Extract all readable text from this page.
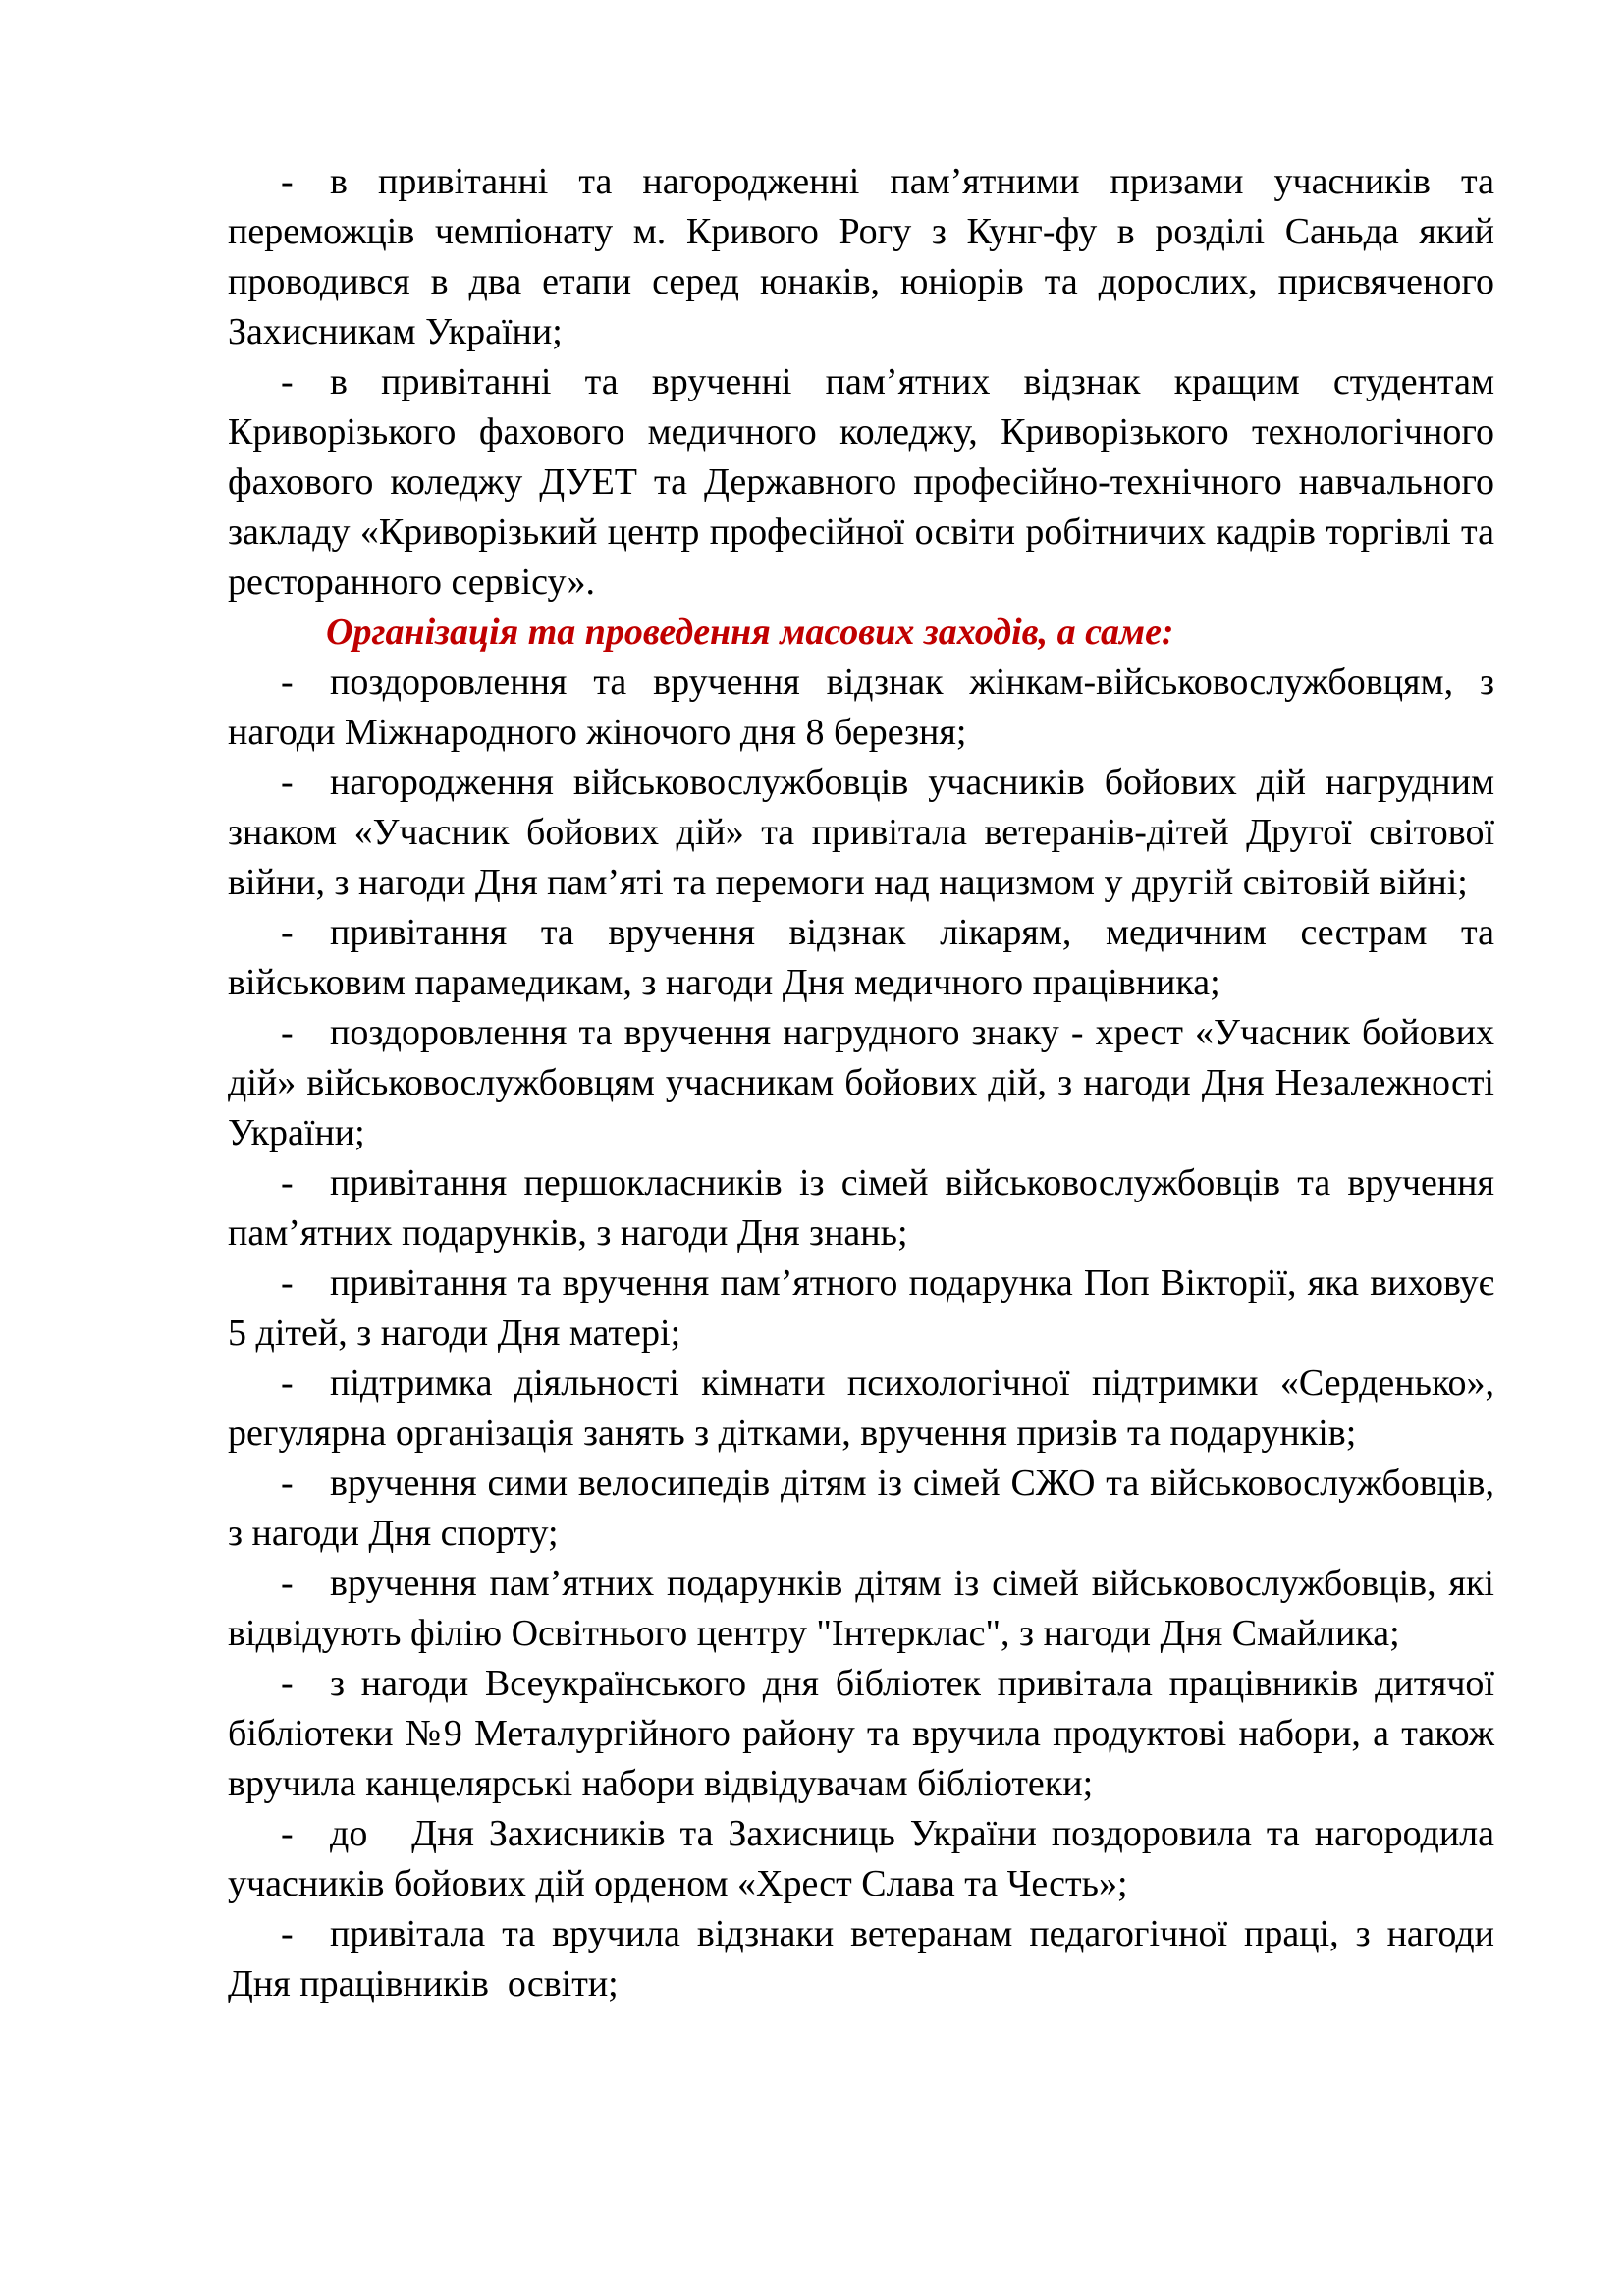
- в привітанні та нагородженні пам’ятними призами учасників та переможців чемпіонату м. Кривого Рогу з Кунг-фу в розділі Саньда який проводився в два етапи серед юнаків, юніорів та дорослих, присвяченого Захисникам України;

- в привітанні та врученні пам’ятних відзнак кращим студентам Криворізького фахового медичного коледжу, Криворізького технологічного фахового коледжу ДУЕТ та Державного професійно-технічного навчального закладу «Криворізький центр професійної освіти робітничих кадрів торгівлі та ресторанного сервісу».

Організація та проведення масових заходів, а саме:

- поздоровлення та вручення відзнак жінкам-військовослужбовцям, з нагоди Міжнародного жіночого дня 8 березня;

- нагородження військовослужбовців учасників бойових дій нагрудним знаком «Учасник бойових дій» та привітала ветеранів-дітей Другої світової війни, з нагоди Дня пам’яті та перемоги над нацизмом у другій світовій війні;

- привітання та вручення відзнак лікарям, медичним сестрам та військовим парамедикам, з нагоди Дня медичного працівника;

- поздоровлення та вручення нагрудного знаку - хрест «Учасник бойових дій» військовослужбовцям учасникам бойових дій, з нагоди Дня Незалежності України;

- привітання першокласників із сімей військовослужбовців та вручення пам’ятних подарунків, з нагоди Дня знань;

- привітання та вручення пам’ятного подарунка Поп Вікторії, яка виховує 5 дітей, з нагоди Дня матері;

- підтримка діяльності кімнати психологічної підтримки «Серденько», регулярна організація занять з дітками, вручення призів та подарунків;

- вручення сими велосипедів дітям із сімей СЖО та військовослужбовців, з нагоди Дня спорту;

- вручення пам’ятних подарунків дітям із сімей військовослужбовців, які відвідують філію Освітнього центру "Інтерклас", з нагоди Дня Смайлика;

- з нагоди Всеукраїнського дня бібліотек привітала працівників дитячої бібліотеки №9 Металургійного району та вручила продуктові набори, а також вручила канцелярські набори відвідувачам бібліотеки;

- до   Дня Захисників та Захисниць України поздоровила та нагородила учасників бойових дій орденом «Хрест Слава та Честь»;

- привітала та вручила відзнаки ветеранам педагогічної праці, з нагоди Дня працівників  освіти;
